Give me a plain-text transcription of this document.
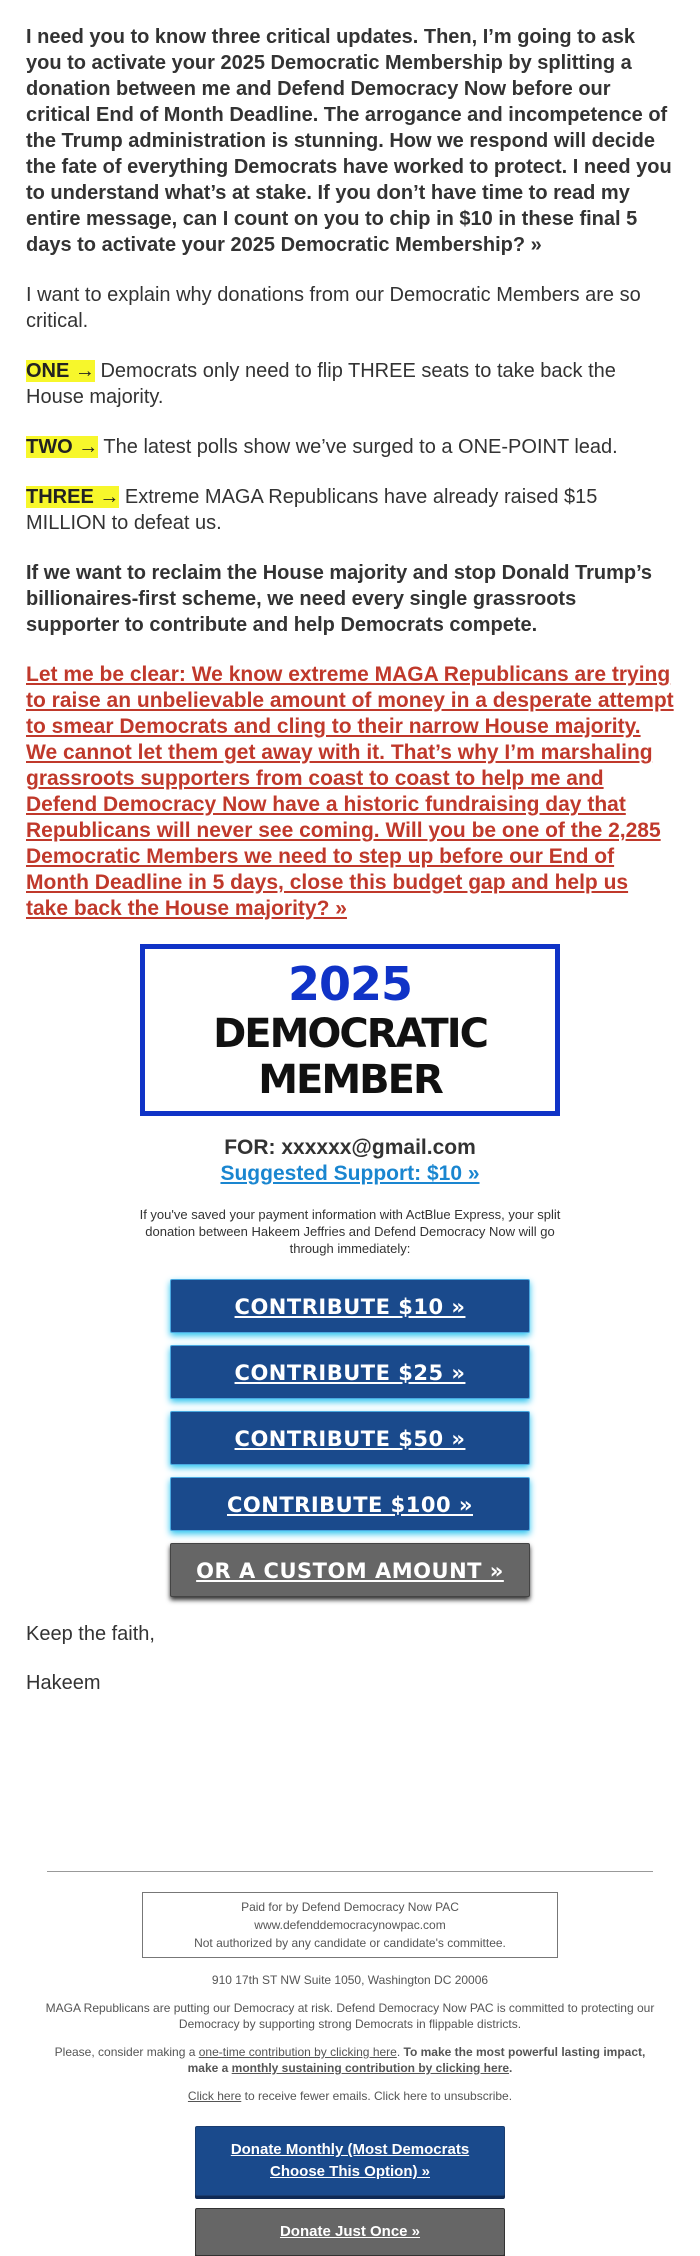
I need you to know three critical updates. Then, I’m going to ask you to activate your 2025 Democratic Membership by splitting a donation between me and Defend Democracy Now before our critical End of Month Deadline. The arrogance and incompetence of the Trump administration is stunning. How we respond will decide the fate of everything Democrats have worked to protect. I need you to understand what’s at stake. If you don’t have time to read my entire message, can I count on you to chip in $10 in these final 5 days to activate your 2025 Democratic Membership? »

I want to explain why donations from our Democratic Members are so critical.

ONE → Democrats only need to flip THREE seats to take back the House majority.

TWO → The latest polls show we’ve surged to a ONE-POINT lead.

THREE → Extreme MAGA Republicans have already raised $15 MILLION to defeat us.

If we want to reclaim the House majority and stop Donald Trump’s billionaires-first scheme, we need every single grassroots supporter to contribute and help Democrats compete.

Let me be clear: We know extreme MAGA Republicans are trying to raise an unbelievable amount of money in a desperate attempt to smear Democrats and cling to their narrow House majority. We cannot let them get away with it. That’s why I’m marshaling grassroots supporters from coast to coast to help me and Defend Democracy Now have a historic fundraising day that Republicans will never see coming. Will you be one of the 2,285 Democratic Members we need to step up before our End of Month Deadline in 5 days, close this budget gap and help us take back the House majority? »
2025 DEMOCRATIC MEMBER
FOR: xxxxxx@gmail.com
Suggested Support: $10 »
If you've saved your payment information with ActBlue Express, your split donation between Hakeem Jeffries and Defend Democracy Now will go through immediately:
CONTRIBUTE $10 »
CONTRIBUTE $25 »
CONTRIBUTE $50 »
CONTRIBUTE $100 »
OR A CUSTOM AMOUNT »
Keep the faith,
Hakeem
Paid for by Defend Democracy Now PAC
www.defenddemocracynowpac.com
Not authorized by any candidate or candidate's committee.
910 17th ST NW Suite 1050, Washington DC 20006
MAGA Republicans are putting our Democracy at risk. Defend Democracy Now PAC is committed to protecting our Democracy by supporting strong Democrats in flippable districts.
Please, consider making a one-time contribution by clicking here. To make the most powerful lasting impact, make a monthly sustaining contribution by clicking here.
Click here to receive fewer emails. Click here to unsubscribe.
Donate Monthly (Most Democrats Choose This Option) »
Donate Just Once »
